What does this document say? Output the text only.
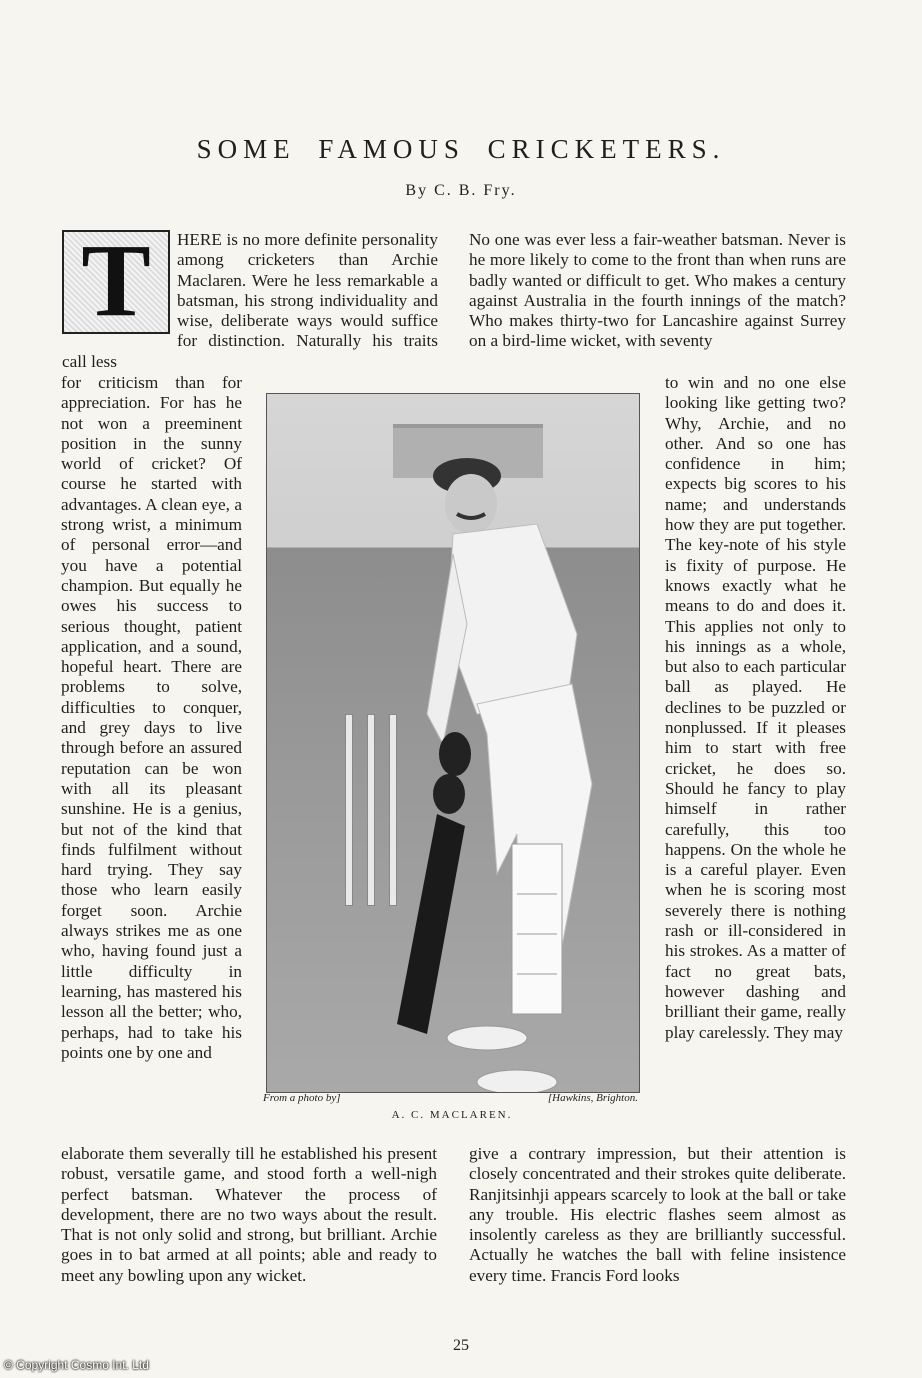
SOME FAMOUS CRICKETERS.
By C. B. Fry.
T	HERE is no more definite personality among cricketers than Archie Maclaren. Were he less remarkable a batsman, his strong individuality and wise, deliberate ways would suffice for distinction. Naturally his traits call less

for criticism than for appreciation. For has he not won a preeminent position in the sunny world of cricket? Of course he started with advantages. A clean eye, a strong wrist, a minimum of personal error—and you have a potential champion. But equally he owes his success to serious thought, patient application, and a sound, hopeful heart. There are problems to solve, difficulties to conquer, and grey days to live through before an assured reputation can be won with all its pleasant sunshine. He is a genius, but not of the kind that finds fulfilment without hard trying. They say those who learn easily forget soon. Archie always strikes me as one who, having found just a little difficulty in learning, has mastered his lesson all the better; who, perhaps, had to take his points one by one and

elaborate them severally till he established his present robust, versatile game, and stood forth a well-nigh perfect batsman. Whatever the process of development, there are no two ways about the result. That is not only solid and strong, but brilliant. Archie goes in to bat armed at all points; able and ready to meet any bowling upon any wicket.

No one was ever less a fair-weather batsman. Never is he more likely to come to the front than when runs are badly wanted or difficult to get. Who makes a century against Australia in the fourth innings of the match? Who makes thirty-two for Lancashire against Surrey on a bird-lime wicket, with seventy

to win and no one else looking like getting two? Why, Archie, and no other. And so one has confidence in him; expects big scores to his name; and understands how they are put together. The key-note of his style is fixity of purpose. He knows exactly what he means to do and does it. This applies not only to his innings as a whole, but also to each particular ball as played. He declines to be puzzled or nonplussed. If it pleases him to start with free cricket, he does so. Should he fancy to play himself in rather carefully, this too happens. On the whole he is a careful player. Even when he is scoring most severely there is nothing rash or ill-considered in his strokes. As a matter of fact no great bats, however dashing and brilliant their game, really play carelessly. They may

give a contrary impression, but their attention is closely concentrated and their strokes quite deliberate. Ranjitsinhji appears scarcely to look at the ball or take any trouble. His electric flashes seem almost as insolently careless as they are brilliantly successful. Actually he watches the ball with feline insistence every time. Francis Ford looks

From a photo by]	[Hawkins, Brighton.
A. C. MACLAREN.
25
© Copyright Cosmo Int. Ltd
